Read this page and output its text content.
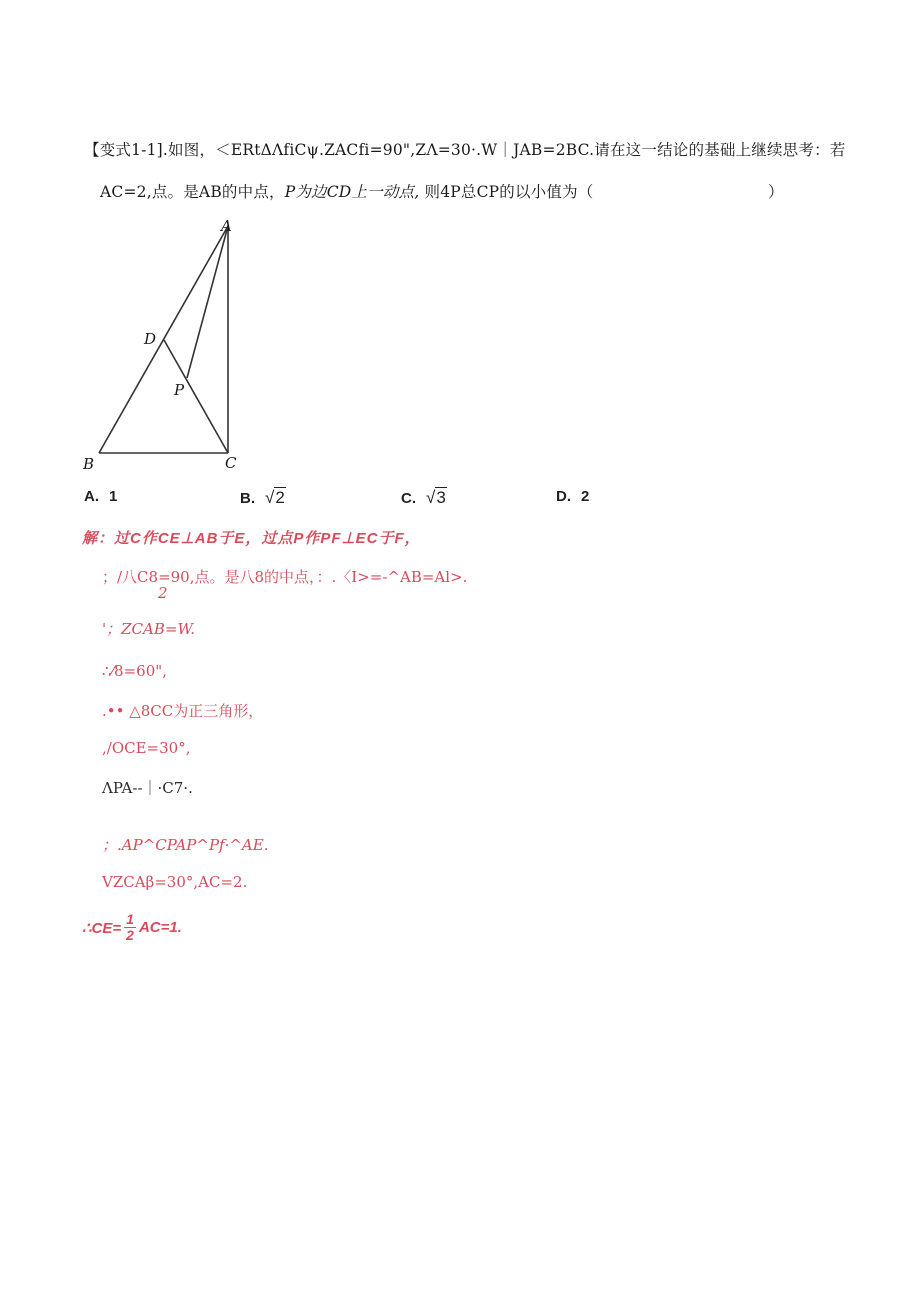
【变式1-1].如图，＜ERtΔΛfiCψ.ZACfi=90",ZΛ=30·.W｜JAB=2BC.请在这一结论的基础上继续思考：若
AC=2,点。是AB的中点，P为边CD上一动点, 则4P总CP的以小值为（	）
A
B	C
D
P
A. 1	B. √2	C. √3	D. 2
解：过C作CE⊥AB于E，过点P作PF⊥EC于F，
；/八C8=90,点。是八8的中点，：.〈I>=-^AB=Al>.
2
'；ZCAB=W.
∴⁄8=60",
.•• △8CC为正三角形，
,/OCE=30°,
ΛPA--｜·C7·.
；.AP^CPAP^Pf·^AE.
VZCAβ=30°,AC=2.
∴CE= $\frac{1}{2} AC=1$.
